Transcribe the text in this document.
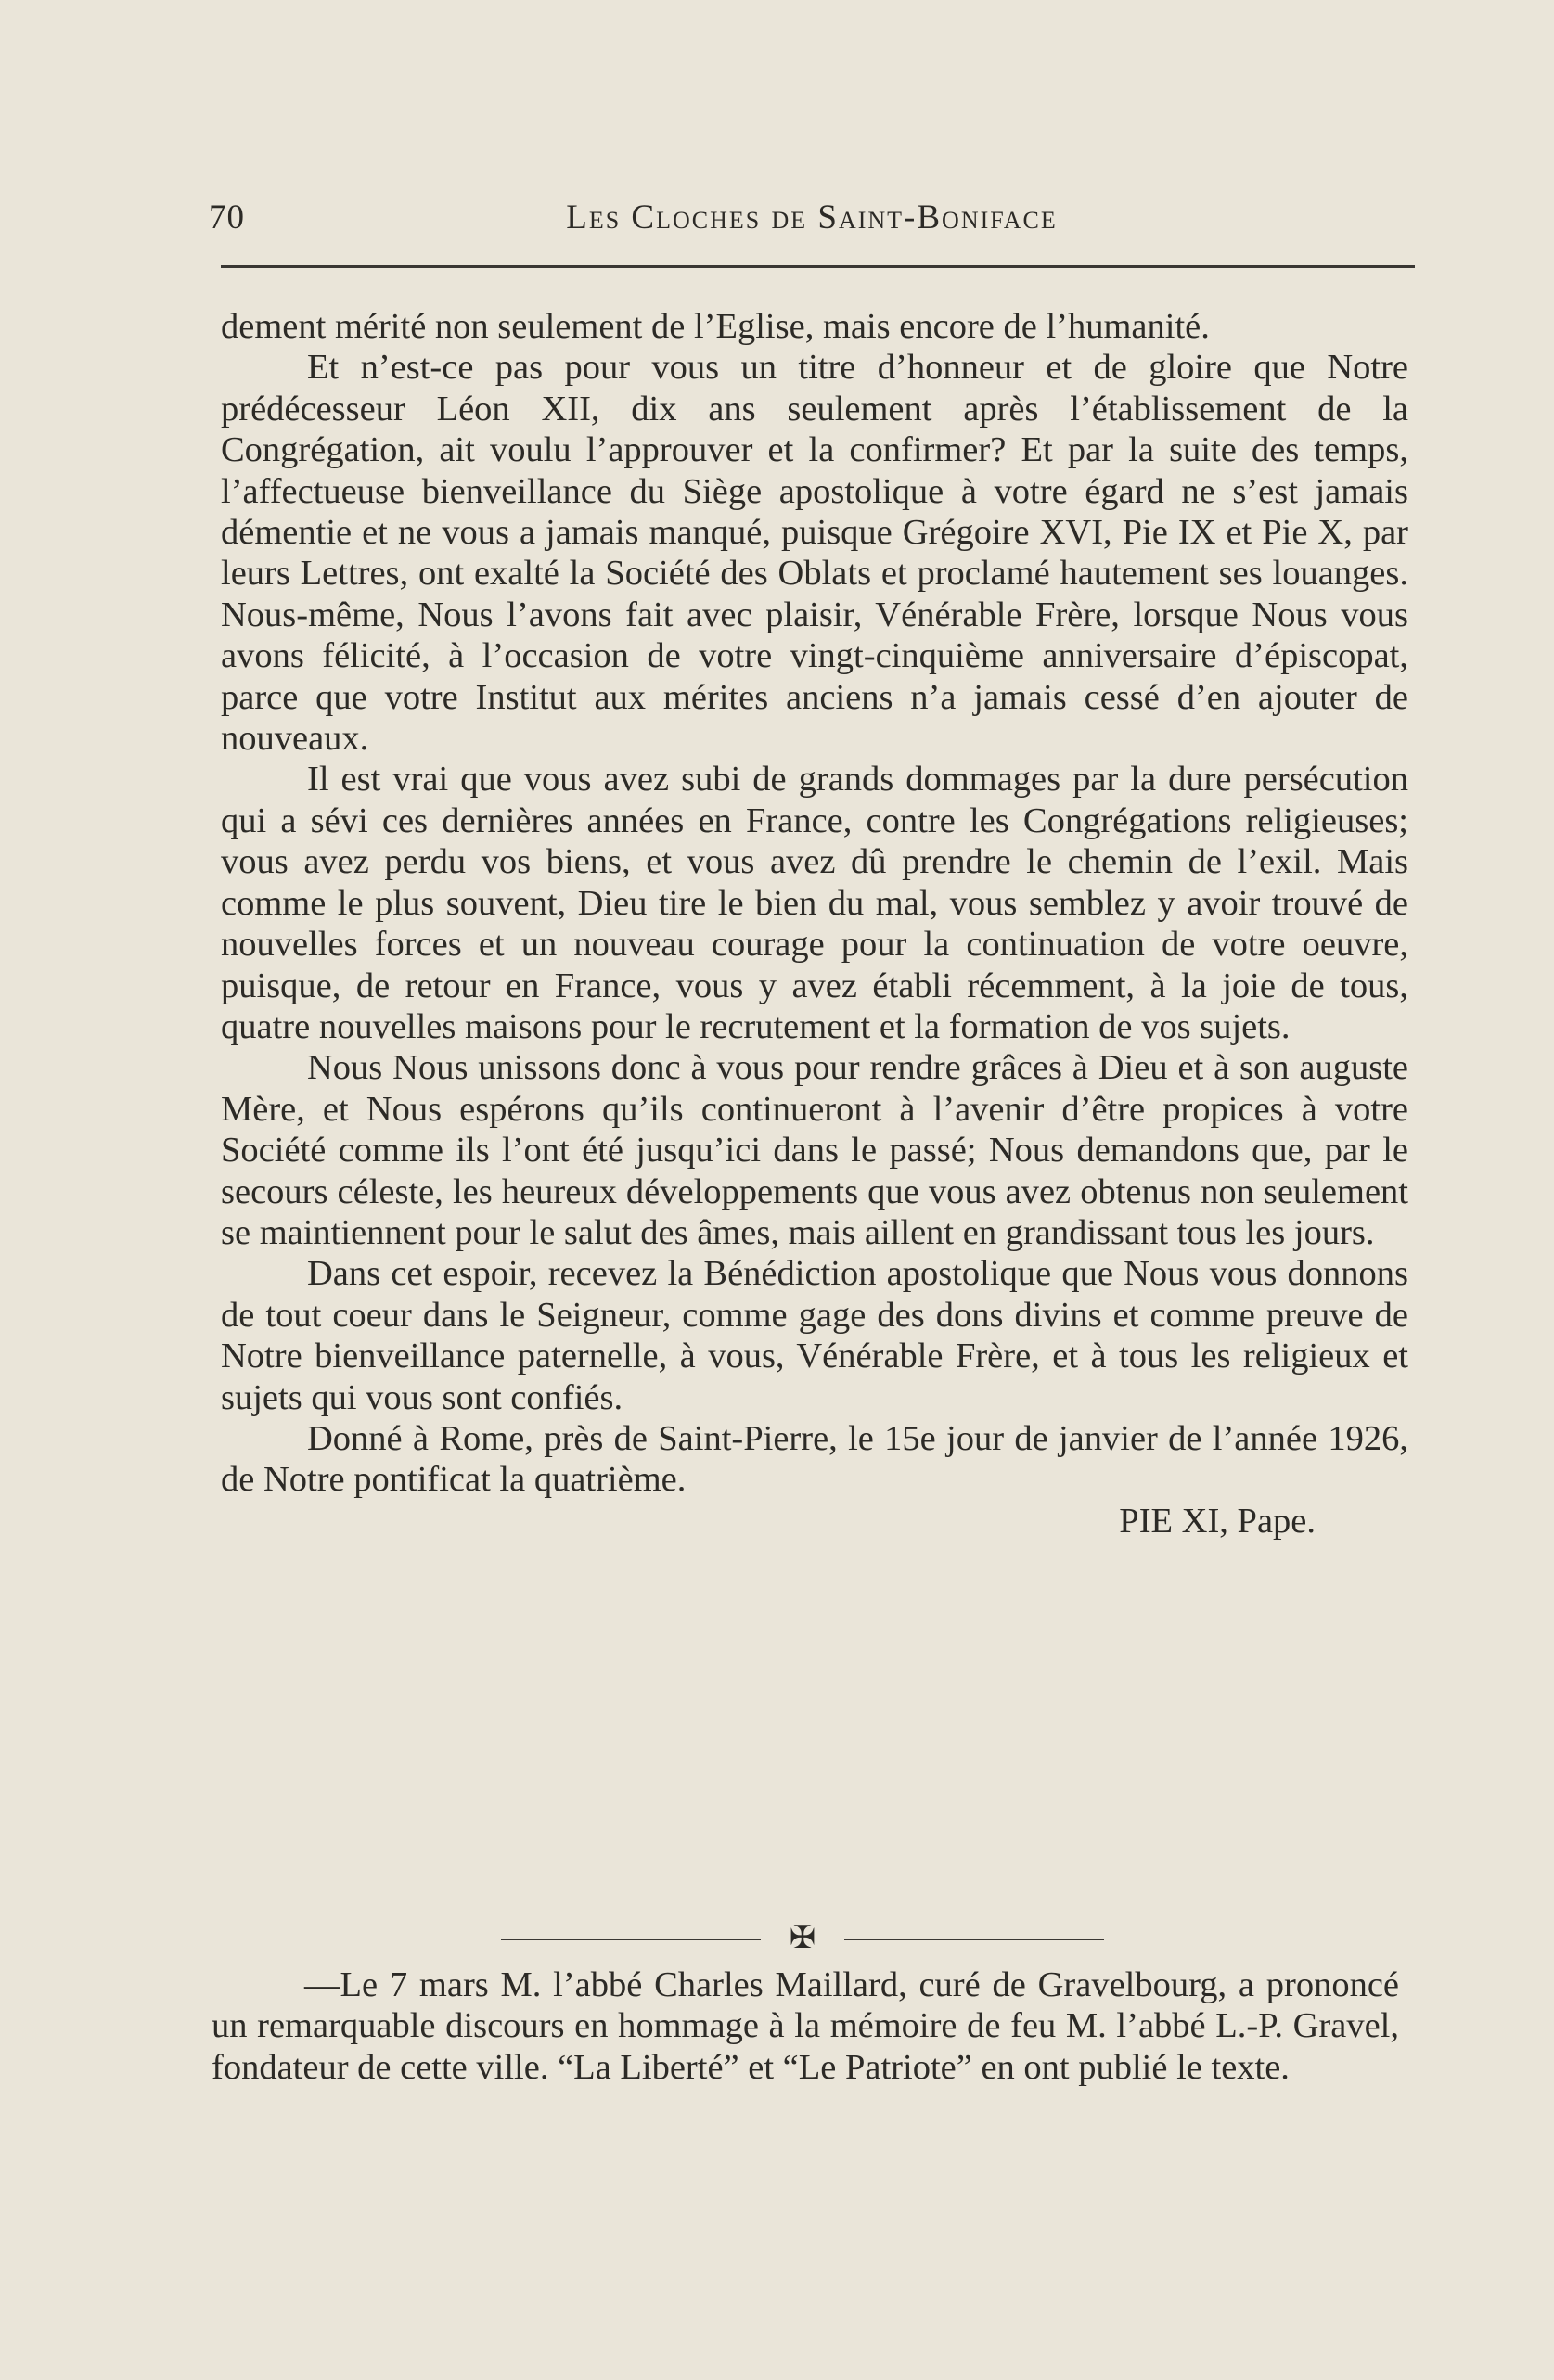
70	Les Cloches de Saint-Boniface

dement mérité non seulement de l’Eglise, mais encore de l’humanité.

Et n’est-ce pas pour vous un titre d’honneur et de gloire que Notre prédécesseur Léon XII, dix ans seulement après l’établissement de la Congrégation, ait voulu l’approuver et la confirmer? Et par la suite des temps, l’affectueuse bienveillance du Siège apostolique à votre égard ne s’est jamais démentie et ne vous a jamais manqué, puisque Grégoire XVI, Pie IX et Pie X, par leurs Lettres, ont exalté la Société des Oblats et proclamé hautement ses louanges. Nous-même, Nous l’avons fait avec plaisir, Vénérable Frère, lorsque Nous vous avons félicité, à l’occasion de votre vingt-cinquième anniversaire d’épiscopat, parce que votre Institut aux mérites anciens n’a jamais cessé d’en ajouter de nouveaux.

Il est vrai que vous avez subi de grands dommages par la dure persécution qui a sévi ces dernières années en France, contre les Congrégations religieuses; vous avez perdu vos biens, et vous avez dû prendre le chemin de l’exil. Mais comme le plus souvent, Dieu tire le bien du mal, vous semblez y avoir trouvé de nouvelles forces et un nouveau courage pour la continuation de votre oeuvre, puisque, de retour en France, vous y avez établi récemment, à la joie de tous, quatre nouvelles maisons pour le recrutement et la formation de vos sujets.

Nous Nous unissons donc à vous pour rendre grâces à Dieu et à son auguste Mère, et Nous espérons qu’ils continueront à l’avenir d’être propices à votre Société comme ils l’ont été jusqu’ici dans le passé; Nous demandons que, par le secours céleste, les heureux développements que vous avez obtenus non seulement se maintiennent pour le salut des âmes, mais aillent en grandissant tous les jours.

Dans cet espoir, recevez la Bénédiction apostolique que Nous vous donnons de tout coeur dans le Seigneur, comme gage des dons divins et comme preuve de Notre bienveillance paternelle, à vous, Vénérable Frère, et à tous les religieux et sujets qui vous sont confiés.

Donné à Rome, près de Saint-Pierre, le 15e jour de janvier de l’année 1926, de Notre pontificat la quatrième.

PIE XI, Pape.
✠

—Le 7 mars M. l’abbé Charles Maillard, curé de Gravelbourg, a prononcé un remarquable discours en hommage à la mémoire de feu M. l’abbé L.-P. Gravel, fondateur de cette ville. “La Liberté” et “Le Patriote” en ont publié le texte.
